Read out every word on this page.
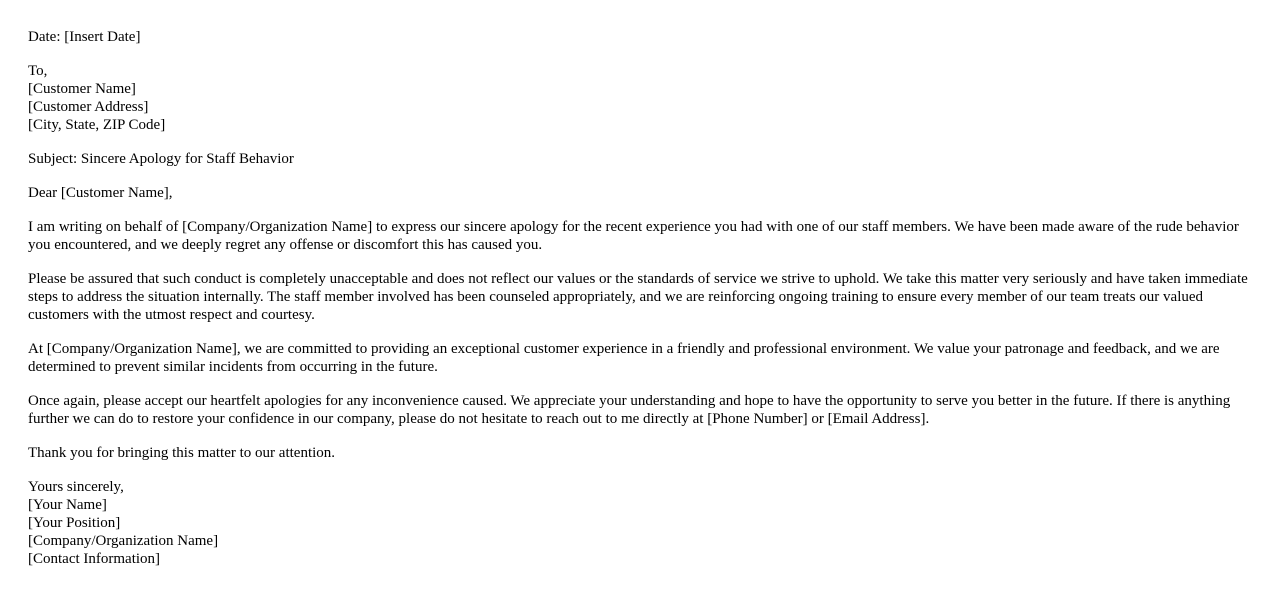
Date: [Insert Date]
To,
[Customer Name]
[Customer Address]
[City, State, ZIP Code]
Subject: Sincere Apology for Staff Behavior
Dear [Customer Name],

I am writing on behalf of [Company/Organization Name] to express our sincere apology for the recent experience you had with one of our staff members. We have been made aware of the rude behavior you encountered, and we deeply regret any offense or discomfort this has caused you.

Please be assured that such conduct is completely unacceptable and does not reflect our values or the standards of service we strive to uphold. We take this matter very seriously and have taken immediate steps to address the situation internally. The staff member involved has been counseled appropriately, and we are reinforcing ongoing training to ensure every member of our team treats our valued customers with the utmost respect and courtesy.

At [Company/Organization Name], we are committed to providing an exceptional customer experience in a friendly and professional environment. We value your patronage and feedback, and we are determined to prevent similar incidents from occurring in the future.

Once again, please accept our heartfelt apologies for any inconvenience caused. We appreciate your understanding and hope to have the opportunity to serve you better in the future. If there is anything further we can do to restore your confidence in our company, please do not hesitate to reach out to me directly at [Phone Number] or [Email Address].

Thank you for bringing this matter to our attention.

Yours sincerely,
[Your Name]
[Your Position]
[Company/Organization Name]
[Contact Information]
